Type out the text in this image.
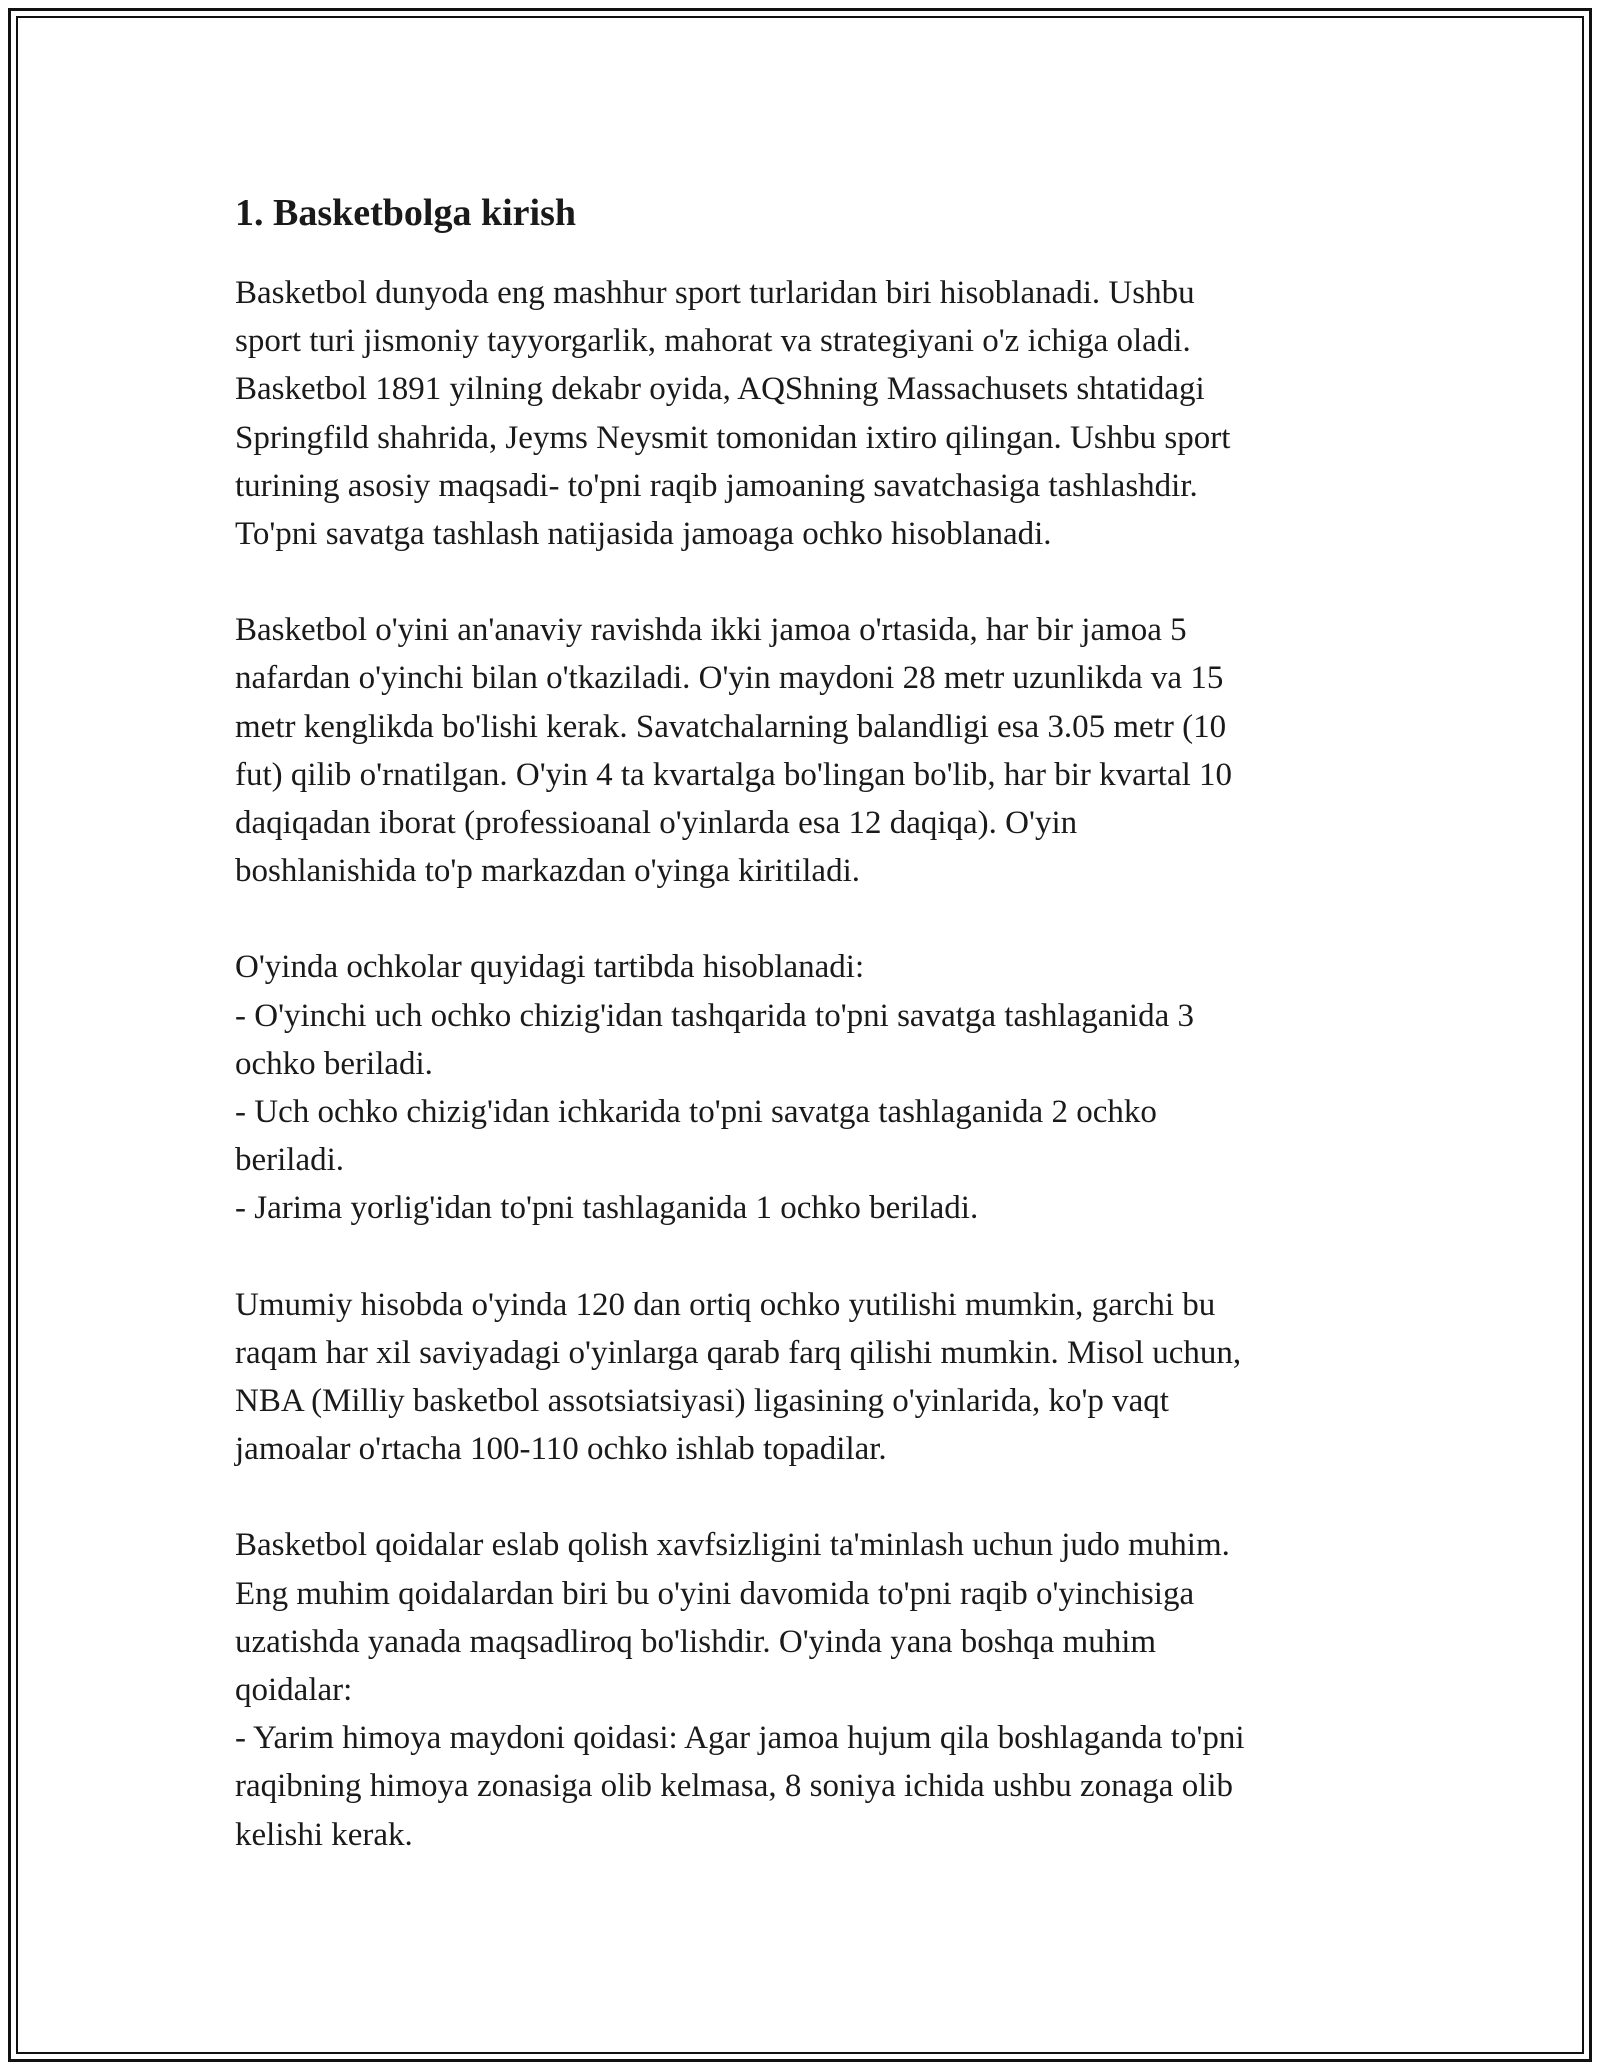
1. Basketbolga kirish

Basketbol dunyoda eng mashhur sport turlaridan biri hisoblanadi. Ushbu
sport turi jismoniy tayyorgarlik, mahorat va strategiyani o'z ichiga oladi.
Basketbol 1891 yilning dekabr oyida, AQShning Massachusets shtatidagi
Springfild shahrida, Jeyms Neysmit tomonidan ixtiro qilingan. Ushbu sport
turining asosiy maqsadi- to'pni raqib jamoaning savatchasiga tashlashdir.
To'pni savatga tashlash natijasida jamoaga ochko hisoblanadi.

Basketbol o'yini an'anaviy ravishda ikki jamoa o'rtasida, har bir jamoa 5
nafardan o'yinchi bilan o'tkaziladi. O'yin maydoni 28 metr uzunlikda va 15
metr kenglikda bo'lishi kerak. Savatchalarning balandligi esa 3.05 metr (10
fut) qilib o'rnatilgan. O'yin 4 ta kvartalga bo'lingan bo'lib, har bir kvartal 10
daqiqadan iborat (professioanal o'yinlarda esa 12 daqiqa). O'yin
boshlanishida to'p markazdan o'yinga kiritiladi.

O'yinda ochkolar quyidagi tartibda hisoblanadi:
- O'yinchi uch ochko chizig'idan tashqarida to'pni savatga tashlaganida 3
ochko beriladi.
- Uch ochko chizig'idan ichkarida to'pni savatga tashlaganida 2 ochko
beriladi.
- Jarima yorlig'idan to'pni tashlaganida 1 ochko beriladi.

Umumiy hisobda o'yinda 120 dan ortiq ochko yutilishi mumkin, garchi bu
raqam har xil saviyadagi o'yinlarga qarab farq qilishi mumkin. Misol uchun,
NBA (Milliy basketbol assotsiatsiyasi) ligasining o'yinlarida, ko'p vaqt
jamoalar o'rtacha 100-110 ochko ishlab topadilar.

Basketbol qoidalar eslab qolish xavfsizligini ta'minlash uchun judo muhim.
Eng muhim qoidalardan biri bu o'yini davomida to'pni raqib o'yinchisiga
uzatishda yanada maqsadliroq bo'lishdir. O'yinda yana boshqa muhim
qoidalar:
- Yarim himoya maydoni qoidasi: Agar jamoa hujum qila boshlaganda to'pni
raqibning himoya zonasiga olib kelmasa, 8 soniya ichida ushbu zonaga olib
kelishi kerak.
